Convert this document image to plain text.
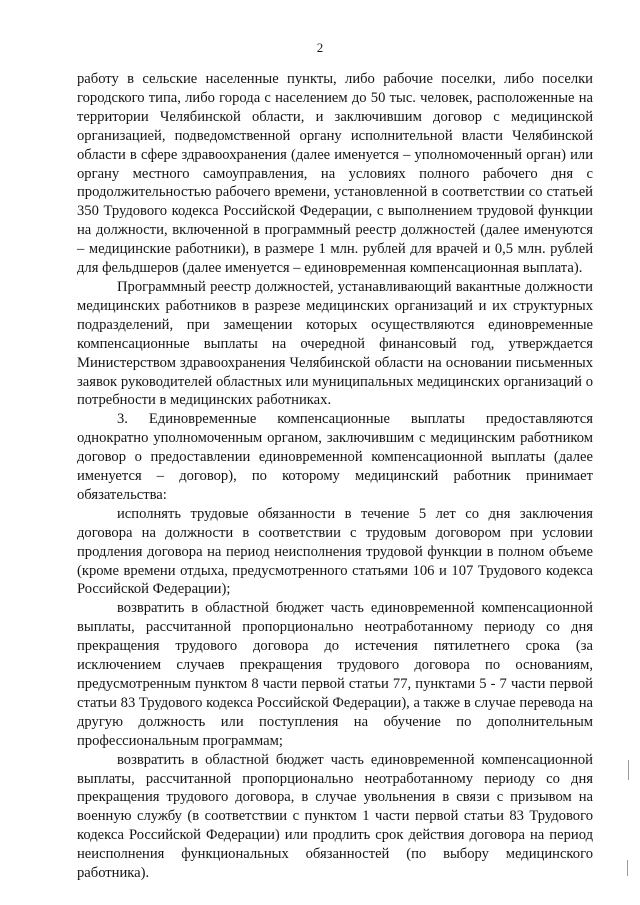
2

работу в сельские населенные пункты, либо рабочие поселки, либо поселки городского типа, либо города с населением до 50 тыс. человек, расположенные на территории Челябинской области, и заключившим договор с медицинской организацией, подведомственной органу исполнительной власти Челябинской области в сфере здравоохранения (далее именуется – уполномоченный орган) или органу местного самоуправления, на условиях полного рабочего дня с продолжительностью рабочего времени, установленной в соответствии со статьей 350 Трудового кодекса Российской Федерации, с выполнением трудовой функции на должности, включенной в программный реестр должностей (далее именуются – медицинские работники), в размере 1 млн. рублей для врачей и 0,5 млн. рублей для фельдшеров (далее именуется – единовременная компенсационная выплата).

Программный реестр должностей, устанавливающий вакантные должности медицинских работников в разрезе медицинских организаций и их структурных подразделений, при замещении которых осуществляются единовременные компенсационные выплаты на очередной финансовый год, утверждается Министерством здравоохранения Челябинской области на основании письменных заявок руководителей областных или муниципальных медицинских организаций о потребности в медицинских работниках.

3. Единовременные компенсационные выплаты предоставляются однократно уполномоченным органом, заключившим с медицинским работником договор о предоставлении единовременной компенсационной выплаты (далее именуется – договор), по которому медицинский работник принимает обязательства:

исполнять трудовые обязанности в течение 5 лет со дня заключения договора на должности в соответствии с трудовым договором при условии продления договора на период неисполнения трудовой функции в полном объеме (кроме времени отдыха, предусмотренного статьями 106 и 107 Трудового кодекса Российской Федерации);

возвратить в областной бюджет часть единовременной компенсационной выплаты, рассчитанной пропорционально неотработанному периоду со дня прекращения трудового договора до истечения пятилетнего срока (за исключением случаев прекращения трудового договора по основаниям, предусмотренным пунктом 8 части первой статьи 77, пунктами 5 - 7 части первой статьи 83 Трудового кодекса Российской Федерации), а также в случае перевода на другую должность или поступления на обучение по дополнительным профессиональным программам;

возвратить в областной бюджет часть единовременной компенсационной выплаты, рассчитанной пропорционально неотработанному периоду со дня прекращения трудового договора, в случае увольнения в связи с призывом на военную службу (в соответствии с пунктом 1 части первой статьи 83 Трудового кодекса Российской Федерации) или продлить срок действия договора на период неисполнения функциональных обязанностей (по выбору медицинского работника).
